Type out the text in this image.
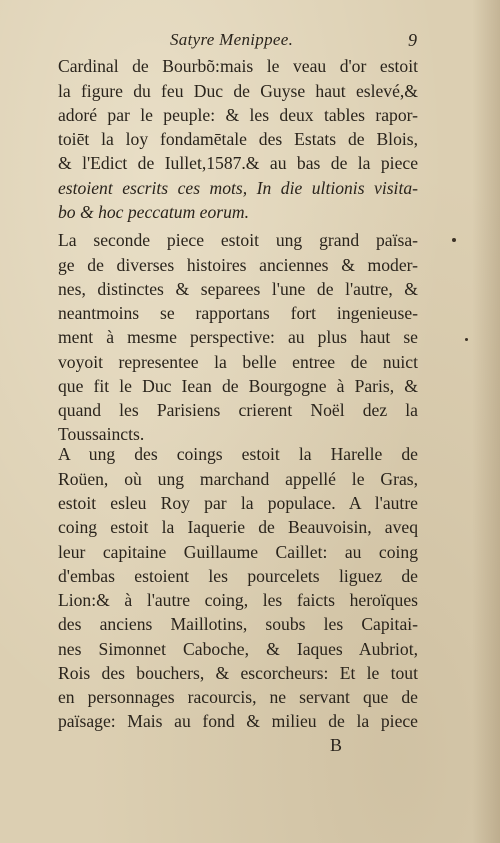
Satyre Menippee.	9
Cardinal de Bourbõ:mais le veau d'or estoit
la figure du feu Duc de Guyse haut eslevé,&
adoré par le peuple: & les deux tables rapor-
toiēt la loy fondamētale des Estats de Blois,
& l'Edict de Iullet,1587.& au bas de la piece
estoient escrits ces mots, In die ultionis visita-
bo & hoc peccatum eorum.
La seconde piece estoit ung grand païsa-
ge de diverses histoires anciennes & moder-
nes, distinctes & separees l'une de l'autre, &
neantmoins se rapportans fort ingenieuse-
ment à mesme perspective: au plus haut se
voyoit representee la belle entree de nuict
que fit le Duc Iean de Bourgogne à Paris, &
quand les Parisiens crierent Noël dez la
Toussaincts.
A ung des coings estoit la Harelle de
Roüen, où ung marchand appellé le Gras,
estoit esleu Roy par la populace. A l'autre
coing estoit la Iaquerie de Beauvoisin, aveq
leur capitaine Guillaume Caillet: au coing
d'embas estoient les pourcelets liguez de
Lion:& à l'autre coing, les faicts heroïques
des anciens Maillotins, soubs les Capitai-
nes Simonnet Caboche, & Iaques Aubriot,
Rois des bouchers, & escorcheurs: Et le tout
en personnages racourcis, ne servant que de
païsage: Mais au fond & milieu de la piece
B
